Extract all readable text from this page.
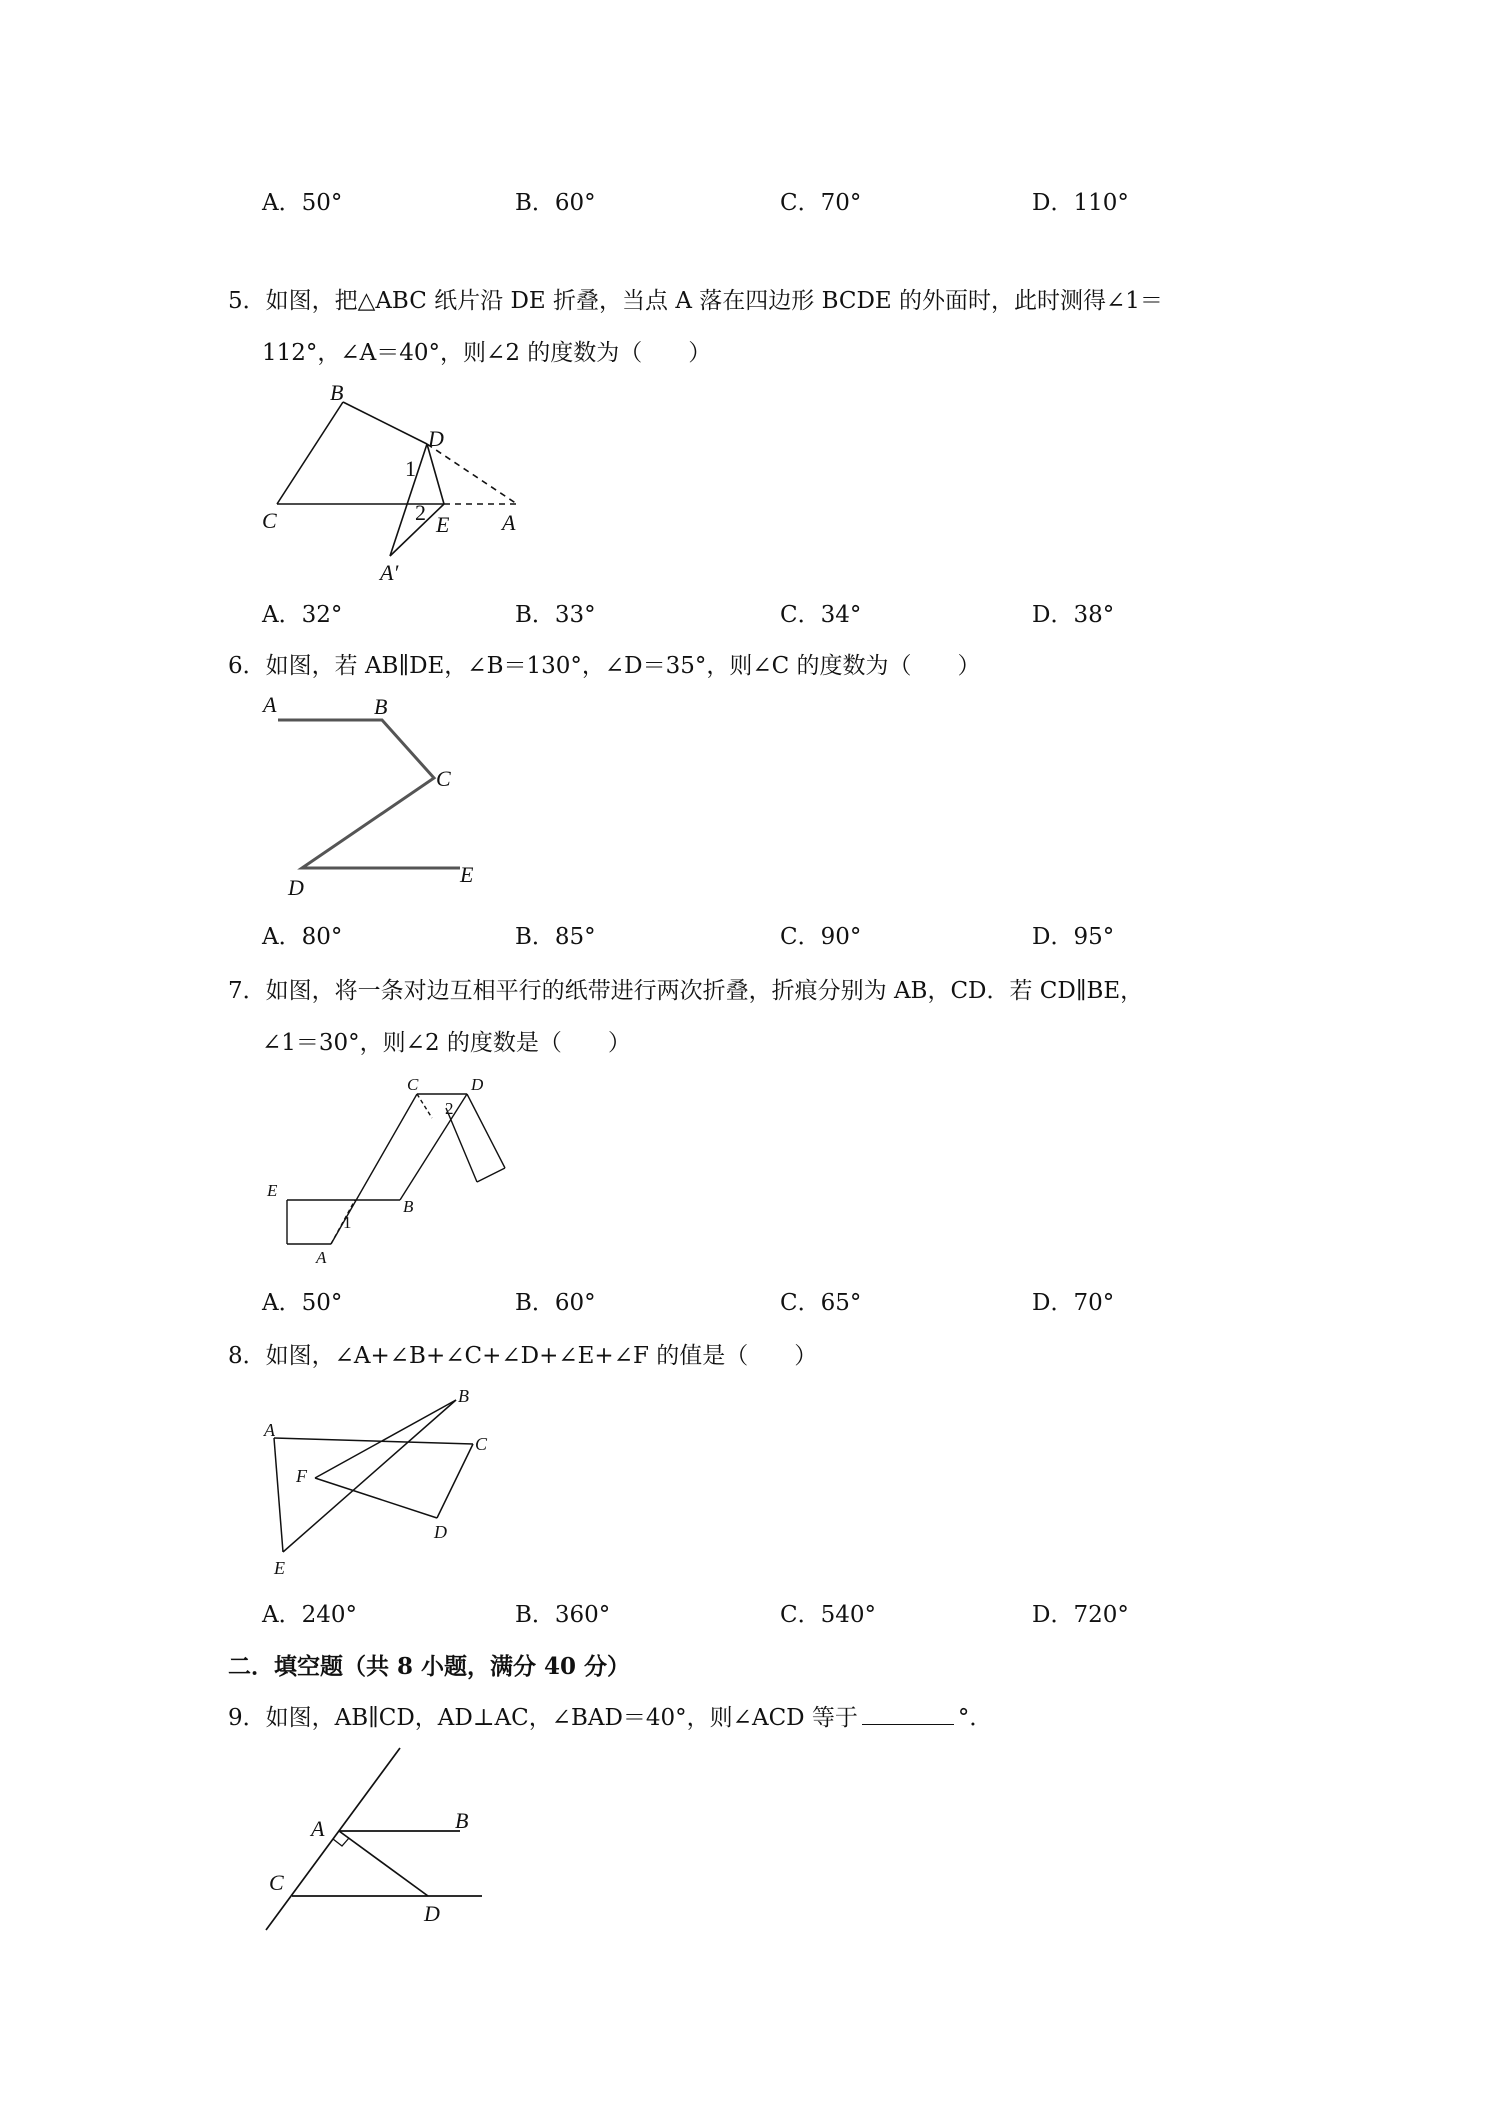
A．50°	B．60°	C．70°	D．110°
5．如图，把△ABC 纸片沿 DE 折叠，当点 A 落在四边形 BCDE 的外面时，此时测得∠1＝
112°，∠A＝40°，则∠2 的度数为（　　）
B
D
1
C	2 E A
A′
A．32°	B．33°	C．34°	D．38°
6．如图，若 AB∥DE，∠B＝130°，∠D＝35°，则∠C 的度数为（　　）
A	B
C
D
E
A．80°	B．85°	C．90°	D．95°
7．如图，将一条对边互相平行的纸带进行两次折叠，折痕分别为 AB，CD．若 CD∥BE，
∠1＝30°，则∠2 的度数是（　　）
C	D
2
E
B
1
A
A．50°	B．60°	C．65°	D．70°
8．如图，∠A+∠B+∠C+∠D+∠E+∠F 的值是（　　）
A
B
C
F
D
E
A．240°	B．360°	C．540°	D．720°
二．填空题（共 8 小题，满分 40 分）
9．如图，AB∥CD，AD⊥AC，∠BAD＝40°，则∠ACD 等于	°．
A	B
C
D
